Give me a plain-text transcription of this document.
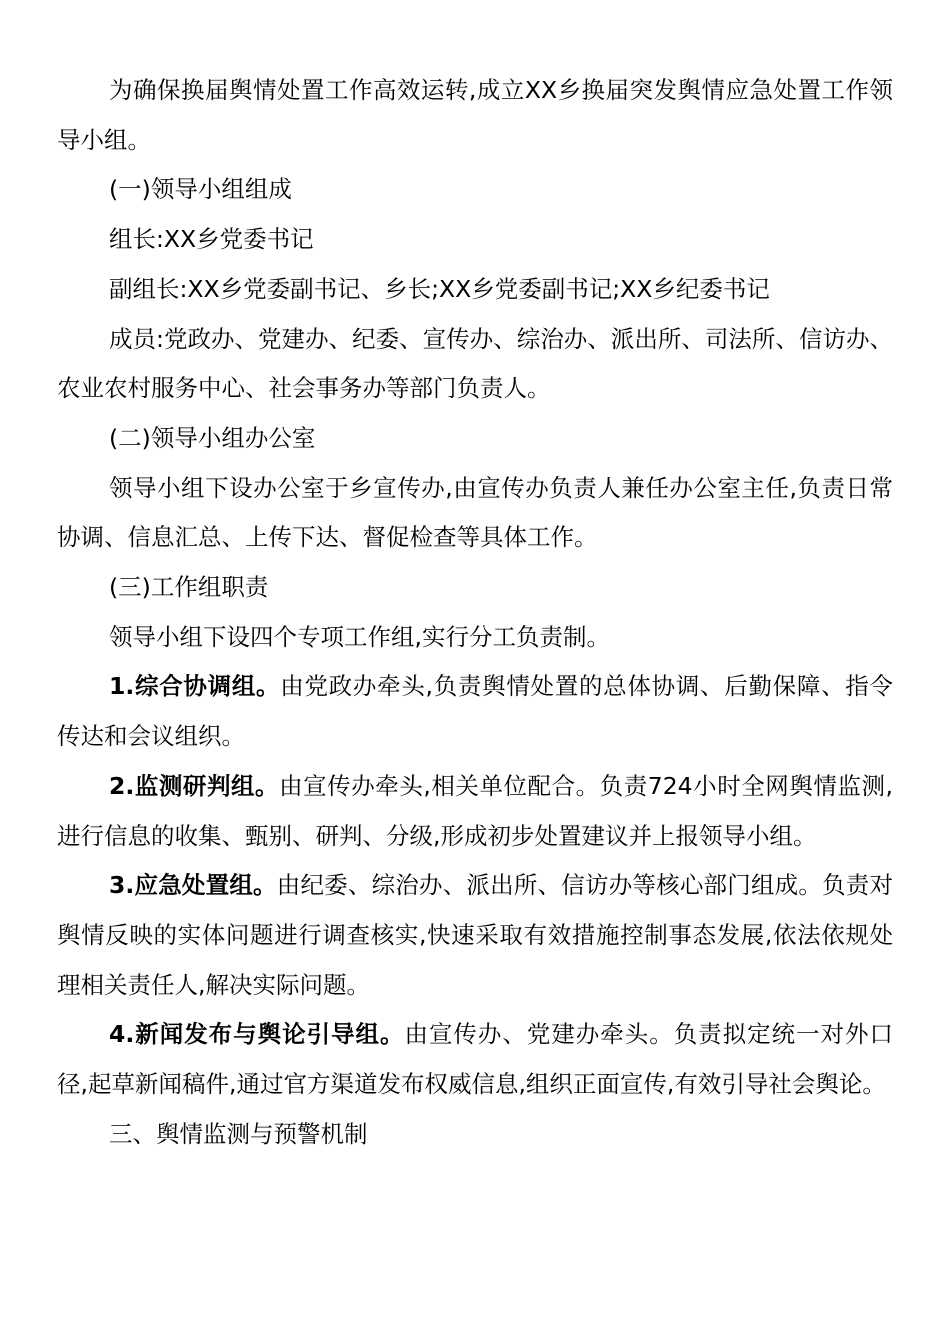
为确保换届舆情处置工作高效运转,成立XX乡换届突发舆情应急处置工作领导小组。

(一)领导小组组成

组长:XX乡党委书记

副组长:XX乡党委副书记、乡长;XX乡党委副书记;XX乡纪委书记

成员:党政办、党建办、纪委、宣传办、综治办、派出所、司法所、信访办、农业农村服务中心、社会事务办等部门负责人。

(二)领导小组办公室

领导小组下设办公室于乡宣传办,由宣传办负责人兼任办公室主任,负责日常协调、信息汇总、上传下达、督促检查等具体工作。

(三)工作组职责

领导小组下设四个专项工作组,实行分工负责制。

1.综合协调组。由党政办牵头,负责舆情处置的总体协调、后勤保障、指令传达和会议组织。

2.监测研判组。由宣传办牵头,相关单位配合。负责724小时全网舆情监测,进行信息的收集、甄别、研判、分级,形成初步处置建议并上报领导小组。

3.应急处置组。由纪委、综治办、派出所、信访办等核心部门组成。负责对舆情反映的实体问题进行调查核实,快速采取有效措施控制事态发展,依法依规处理相关责任人,解决实际问题。

4.新闻发布与舆论引导组。由宣传办、党建办牵头。负责拟定统一对外口径,起草新闻稿件,通过官方渠道发布权威信息,组织正面宣传,有效引导社会舆论。

三、舆情监测与预警机制
